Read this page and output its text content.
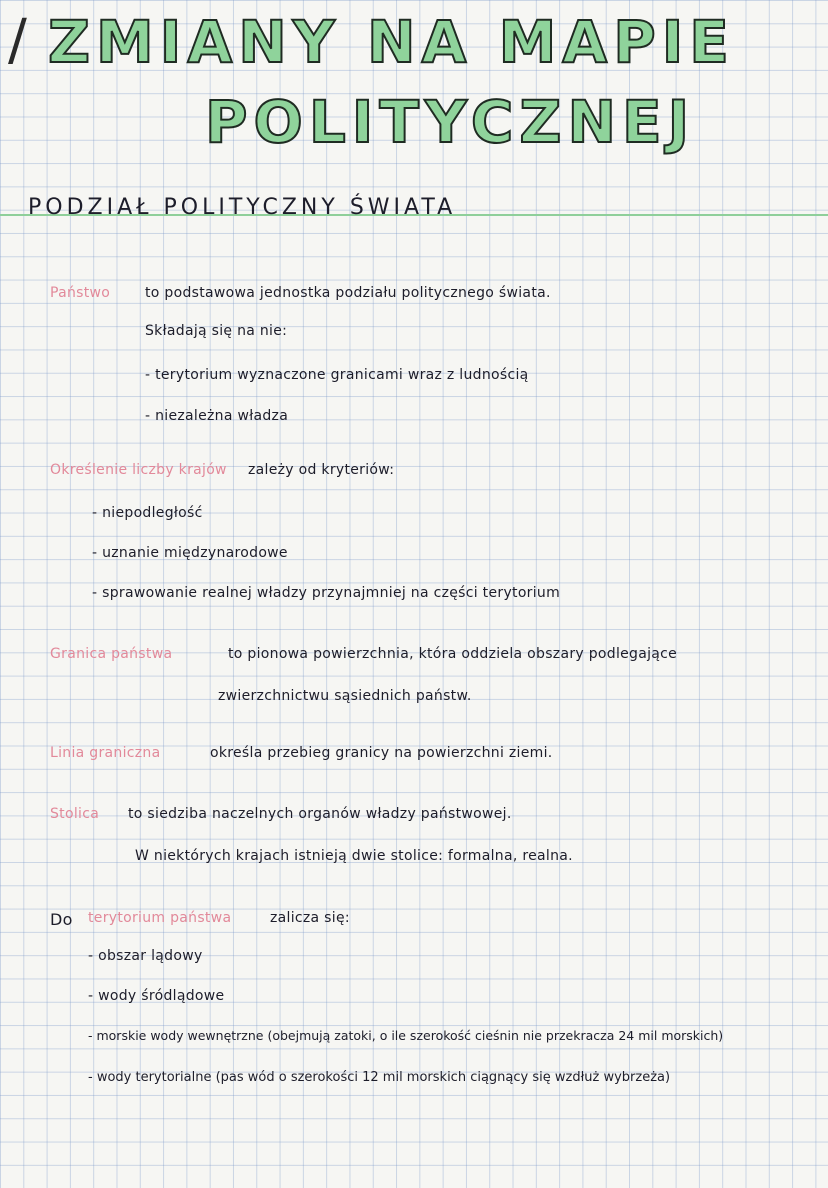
/ ZMIANY NA MAPIE
POLITYCZNEJ
PODZIAŁ POLITYCZNY ŚWIATA
Państwo to podstawowa jednostka podziału politycznego świata.
Składają się na nie:
- terytorium wyznaczone granicami wraz z ludnością
- niezależna władza
Określenie liczby krajów zależy od kryteriów:
- niepodległość
- uznanie międzynarodowe
- sprawowanie realnej władzy przynajmniej na części terytorium
Granica państwa	to pionowa powierzchnia, która oddziela obszary podlegające
zwierzchnictwu sąsiednich państw.
Linia graniczna	określa przebieg granicy na powierzchni ziemi.
Stolica to siedziba naczelnych organów władzy państwowej.
W niektórych krajach istnieją dwie stolice: formalna, realna.
Do terytorium państwa	zalicza się:
- obszar lądowy
- wody śródlądowe
- morskie wody wewnętrzne (obejmują zatoki, o ile szerokość cieśnin nie przekracza 24 mil morskich)
- wody terytorialne (pas wód o szerokości 12 mil morskich ciągnący się wzdłuż wybrzeża)
